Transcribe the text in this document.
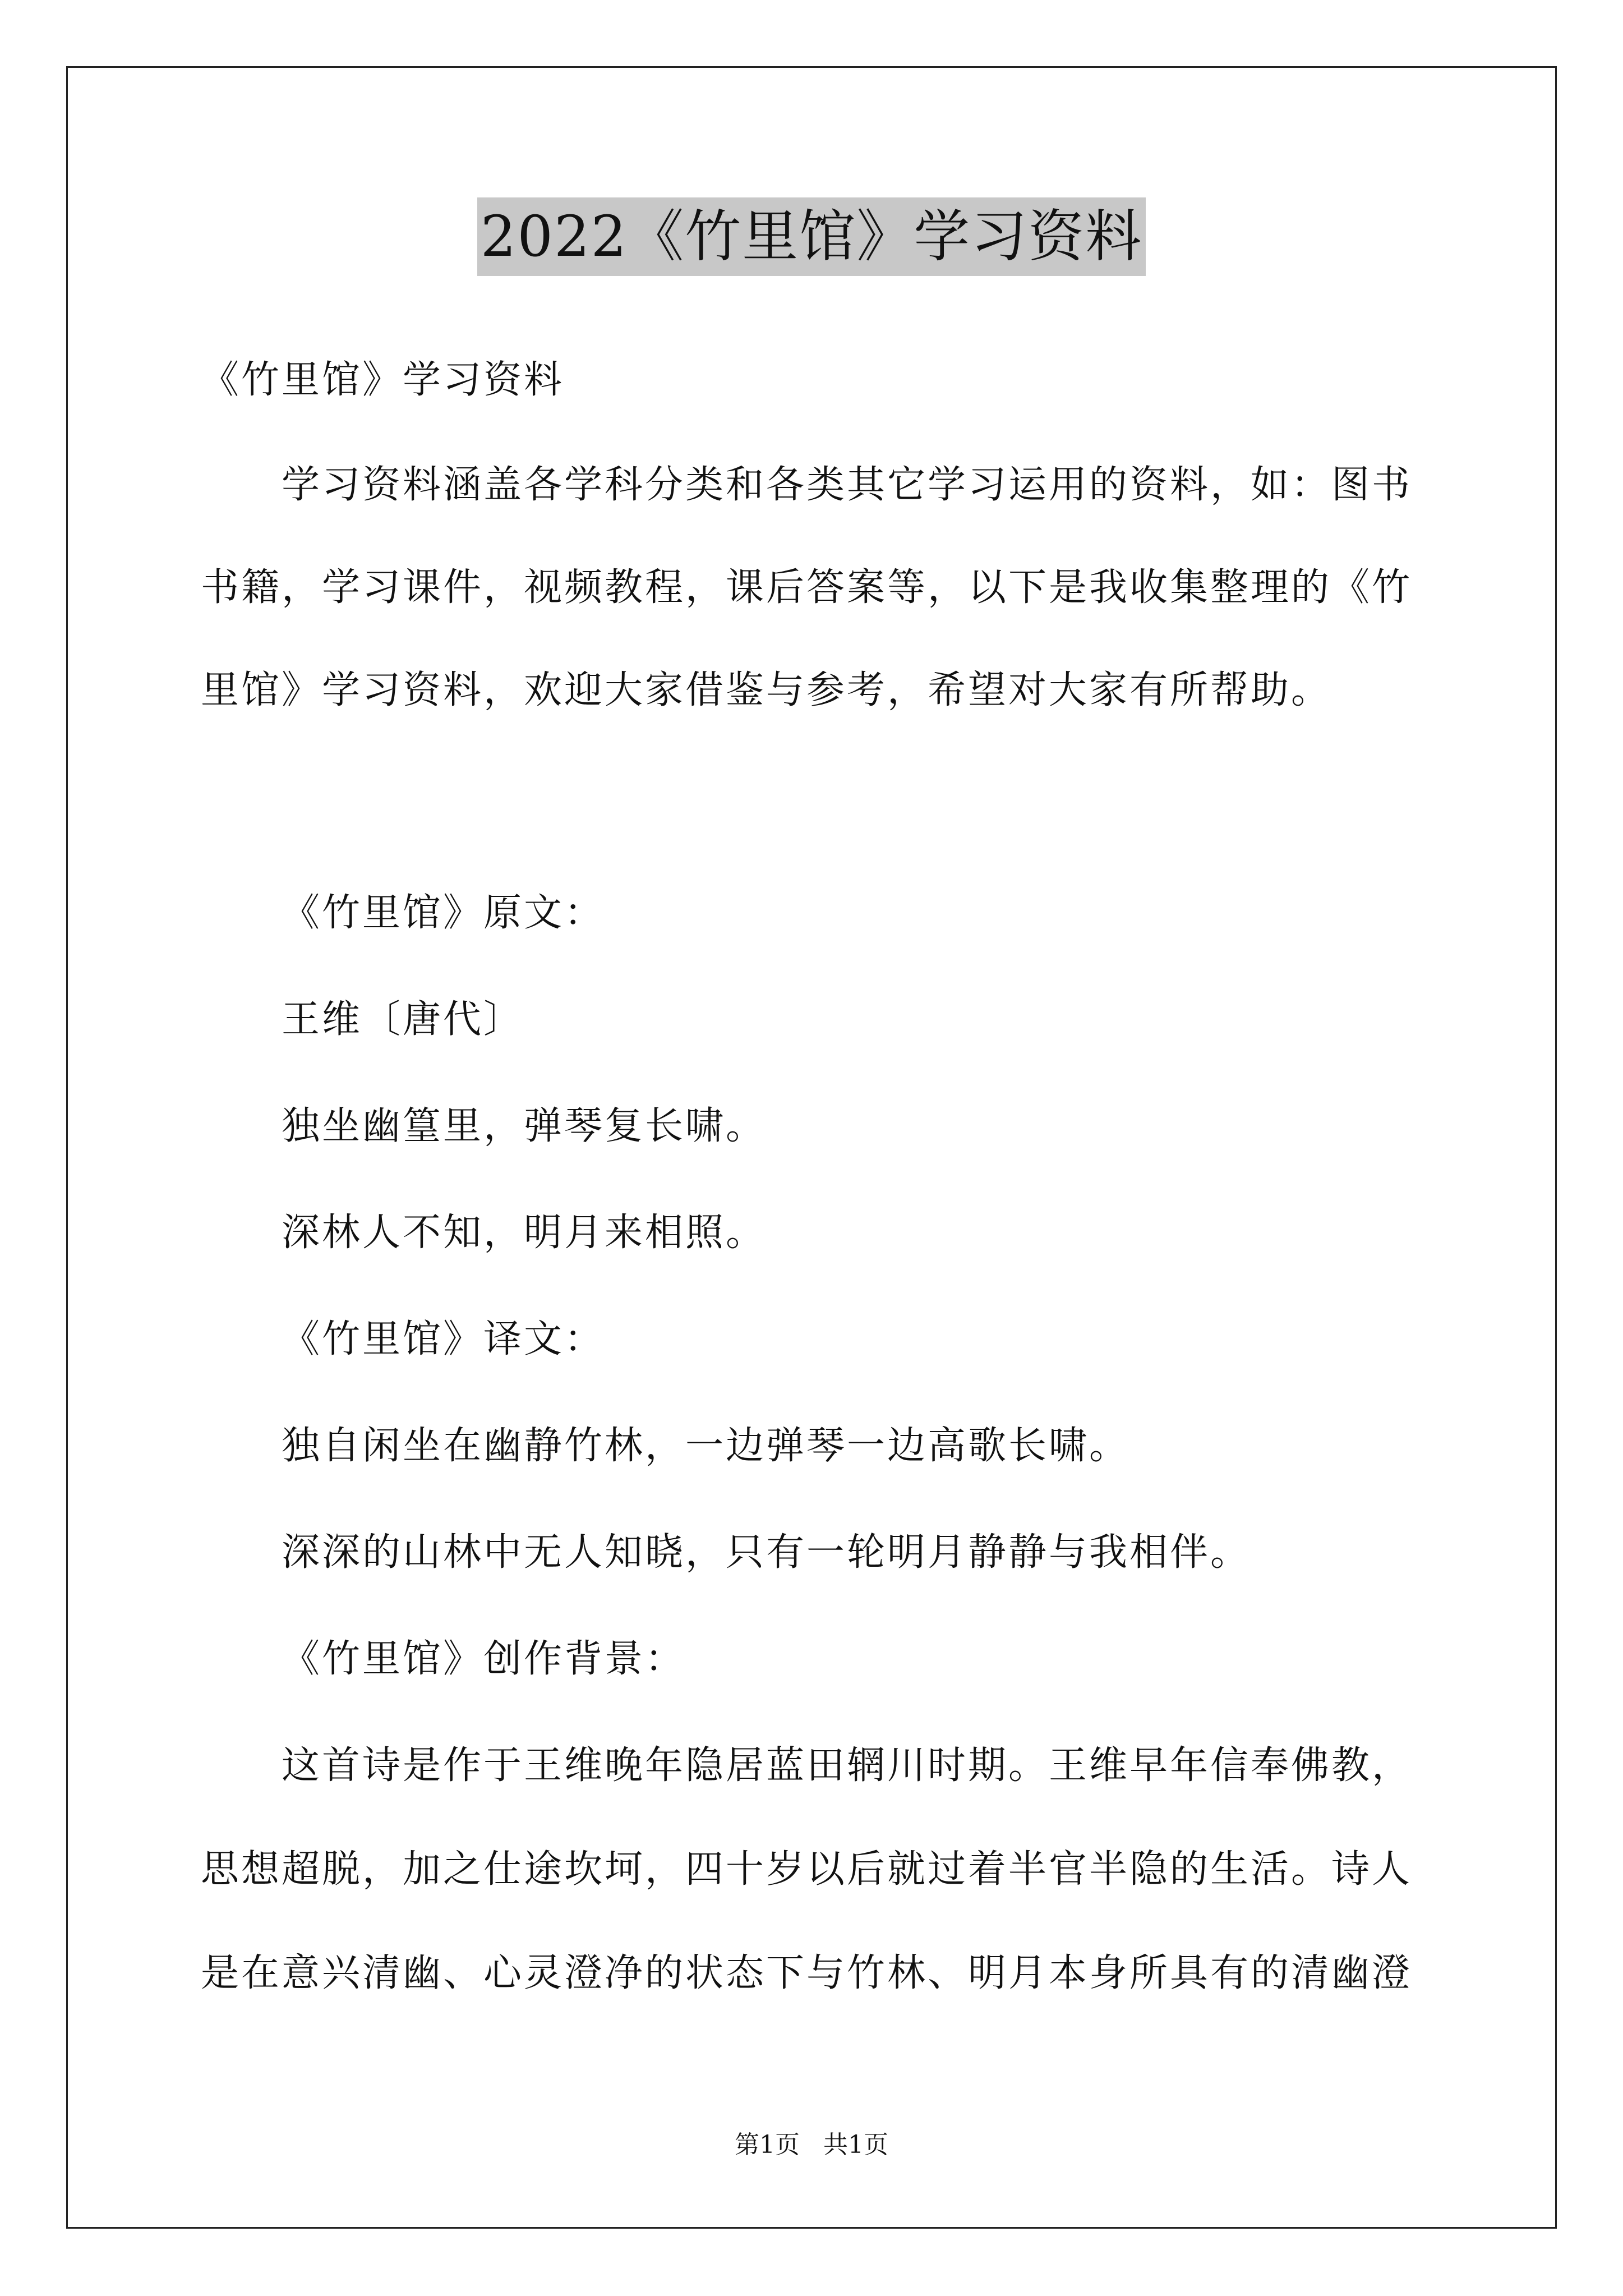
2022《竹里馆》学习资料
《竹里馆》学习资料
学习资料涵盖各学科分类和各类其它学习运用的资料，如：图书
书籍，学习课件，视频教程，课后答案等，以下是我收集整理的《竹
里馆》学习资料，欢迎大家借鉴与参考，希望对大家有所帮助。
《竹里馆》原文：
王维〔唐代〕
独坐幽篁里，弹琴复长啸。
深林人不知，明月来相照。
《竹里馆》译文：
独自闲坐在幽静竹林，一边弹琴一边高歌长啸。
深深的山林中无人知晓，只有一轮明月静静与我相伴。
《竹里馆》创作背景：
这首诗是作于王维晚年隐居蓝田辋川时期。王维早年信奉佛教，
思想超脱，加之仕途坎坷，四十岁以后就过着半官半隐的生活。诗人
是在意兴清幽、心灵澄净的状态下与竹林、明月本身所具有的清幽澄
第1页 共1页
